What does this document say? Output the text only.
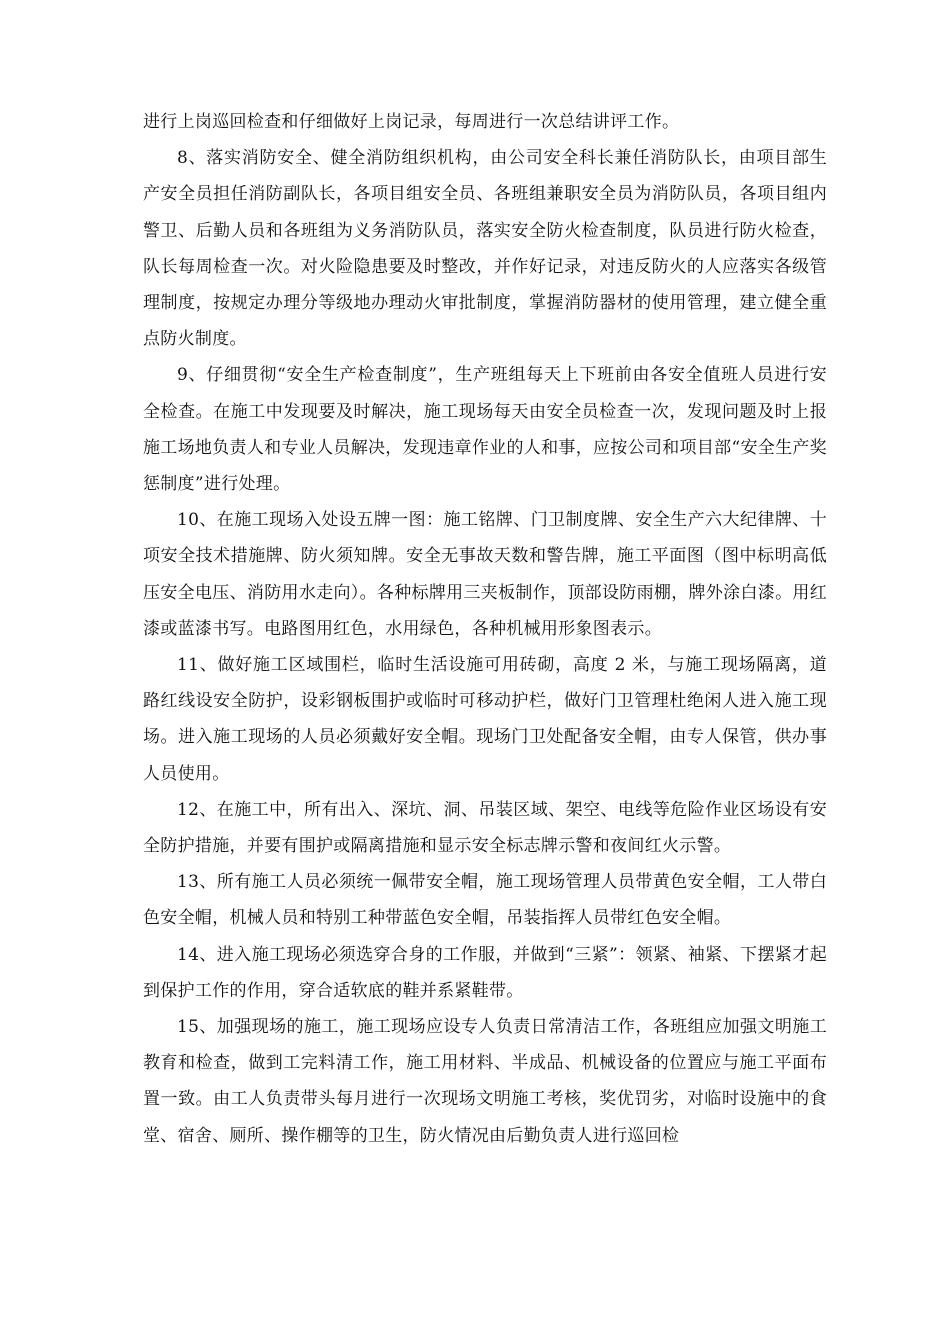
进行上岗巡回检查和仔细做好上岗记录，每周进行一次总结讲评工作。

8、落实消防安全、健全消防组织机构，由公司安全科长兼任消防队长，由项目部生产安全员担任消防副队长，各项目组安全员、各班组兼职安全员为消防队员，各项目组内警卫、后勤人员和各班组为义务消防队员，落实安全防火检查制度，队员进行防火检查，队长每周检查一次。对火险隐患要及时整改，并作好记录，对违反防火的人应落实各级管理制度，按规定办理分等级地办理动火审批制度，掌握消防器材的使用管理，建立健全重点防火制度。

9、仔细贯彻“安全生产检查制度”，生产班组每天上下班前由各安全值班人员进行安全检查。在施工中发现要及时解决，施工现场每天由安全员检查一次，发现问题及时上报施工场地负责人和专业人员解决，发现违章作业的人和事，应按公司和项目部“安全生产奖惩制度”进行处理。

10、在施工现场入处设五牌一图：施工铭牌、门卫制度牌、安全生产六大纪律牌、十项安全技术措施牌、防火须知牌。安全无事故天数和警告牌，施工平面图（图中标明高低压安全电压、消防用水走向）。各种标牌用三夹板制作，顶部设防雨棚，牌外涂白漆。用红漆或蓝漆书写。电路图用红色，水用绿色，各种机械用形象图表示。

11、做好施工区域围栏，临时生活设施可用砖砌，高度 2 米，与施工现场隔离，道路红线设安全防护，设彩钢板围护或临时可移动护栏，做好门卫管理杜绝闲人进入施工现场。进入施工现场的人员必须戴好安全帽。现场门卫处配备安全帽，由专人保管，供办事人员使用。

12、在施工中，所有出入、深坑、洞、吊装区域、架空、电线等危险作业区场设有安全防护措施，并要有围护或隔离措施和显示安全标志牌示警和夜间红火示警。

13、所有施工人员必须统一佩带安全帽，施工现场管理人员带黄色安全帽，工人带白色安全帽，机械人员和特别工种带蓝色安全帽，吊装指挥人员带红色安全帽。

14、进入施工现场必须选穿合身的工作服，并做到“三紧”：领紧、袖紧、下摆紧才起到保护工作的作用，穿合适软底的鞋并系紧鞋带。

15、加强现场的施工，施工现场应设专人负责日常清洁工作，各班组应加强文明施工教育和检查，做到工完料清工作，施工用材料、半成品、机械设备的位置应与施工平面布置一致。由工人负责带头每月进行一次现场文明施工考核，奖优罚劣，对临时设施中的食堂、宿舍、厕所、操作棚等的卫生，防火情况由后勤负责人进行巡回检
